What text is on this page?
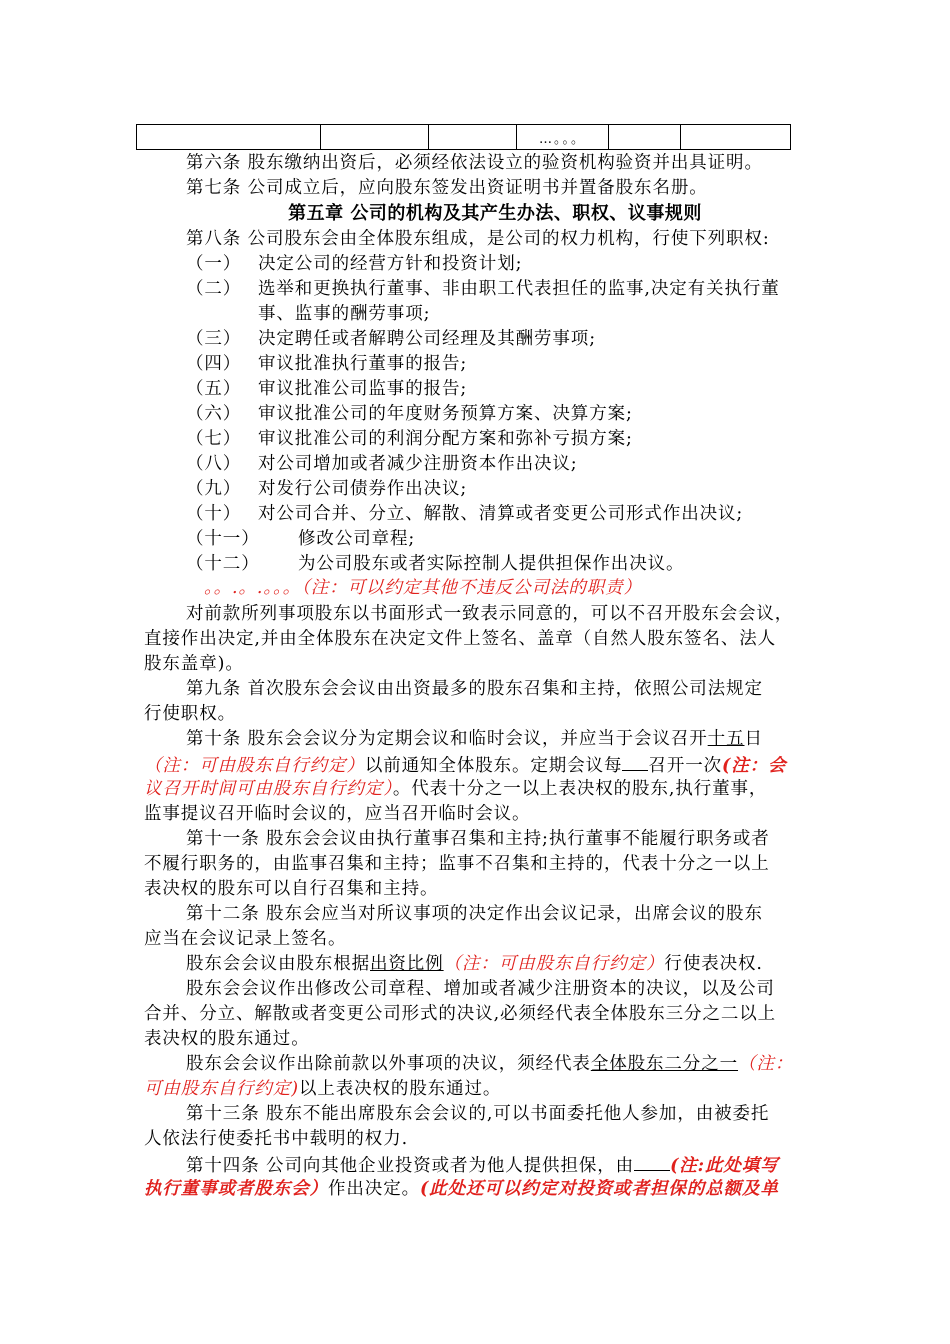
			…。。。		
第六条 股东缴纳出资后，必须经依法设立的验资机构验资并出具证明。
第七条 公司成立后，应向股东签发出资证明书并置备股东名册。
第五章 公司的机构及其产生办法、职权、议事规则
第八条 公司股东会由全体股东组成，是公司的权力机构，行使下列职权:
（一） 决定公司的经营方针和投资计划;
（二） 选举和更换执行董事、非由职工代表担任的监事,决定有关执行董
事、监事的酬劳事项;
（三） 决定聘任或者解聘公司经理及其酬劳事项;
（四） 审议批准执行董事的报告;
（五） 审议批准公司监事的报告;
（六） 审议批准公司的年度财务预算方案、决算方案;
（七） 审议批准公司的利润分配方案和弥补亏损方案;
（八） 对公司增加或者减少注册资本作出决议;
（九） 对发行公司债券作出决议;
（十） 对公司合并、分立、解散、清算或者变更公司形式作出决议;
（十一） 修改公司章程;
（十二） 为公司股东或者实际控制人提供担保作出决议。
。。.。.。。。（注：可以约定其他不违反公司法的职责）
对前款所列事项股东以书面形式一致表示同意的，可以不召开股东会会议，
直接作出决定,并由全体股东在决定文件上签名、盖章（自然人股东签名、法人
股东盖章)。
第九条 首次股东会会议由出资最多的股东召集和主持，依照公司法规定
行使职权。
第十条 股东会会议分为定期会议和临时会议，并应当于会议召开十五日
（注：可由股东自行约定）以前通知全体股东。定期会议每 召开一次(注：会
议召开时间可由股东自行约定）。代表十分之一以上表决权的股东,执行董事，
监事提议召开临时会议的，应当召开临时会议。
第十一条 股东会会议由执行董事召集和主持;执行董事不能履行职务或者
不履行职务的，由监事召集和主持；监事不召集和主持的，代表十分之一以上
表决权的股东可以自行召集和主持。
第十二条 股东会应当对所议事项的决定作出会议记录，出席会议的股东
应当在会议记录上签名。
股东会会议由股东根据出资比例（注：可由股东自行约定）行使表决权.
股东会会议作出修改公司章程、增加或者减少注册资本的决议，以及公司
合并、分立、解散或者变更公司形式的决议,必须经代表全体股东三分之二以上
表决权的股东通过。
股东会会议作出除前款以外事项的决议，须经代表全体股东二分之一（注：
可由股东自行约定)以上表决权的股东通过。
第十三条 股东不能出席股东会会议的,可以书面委托他人参加，由被委托
人依法行使委托书中载明的权力.
第十四条 公司向其他企业投资或者为他人提供担保，由 (注:此处填写
执行董事或者股东会）作出决定。(此处还可以约定对投资或者担保的总额及单
